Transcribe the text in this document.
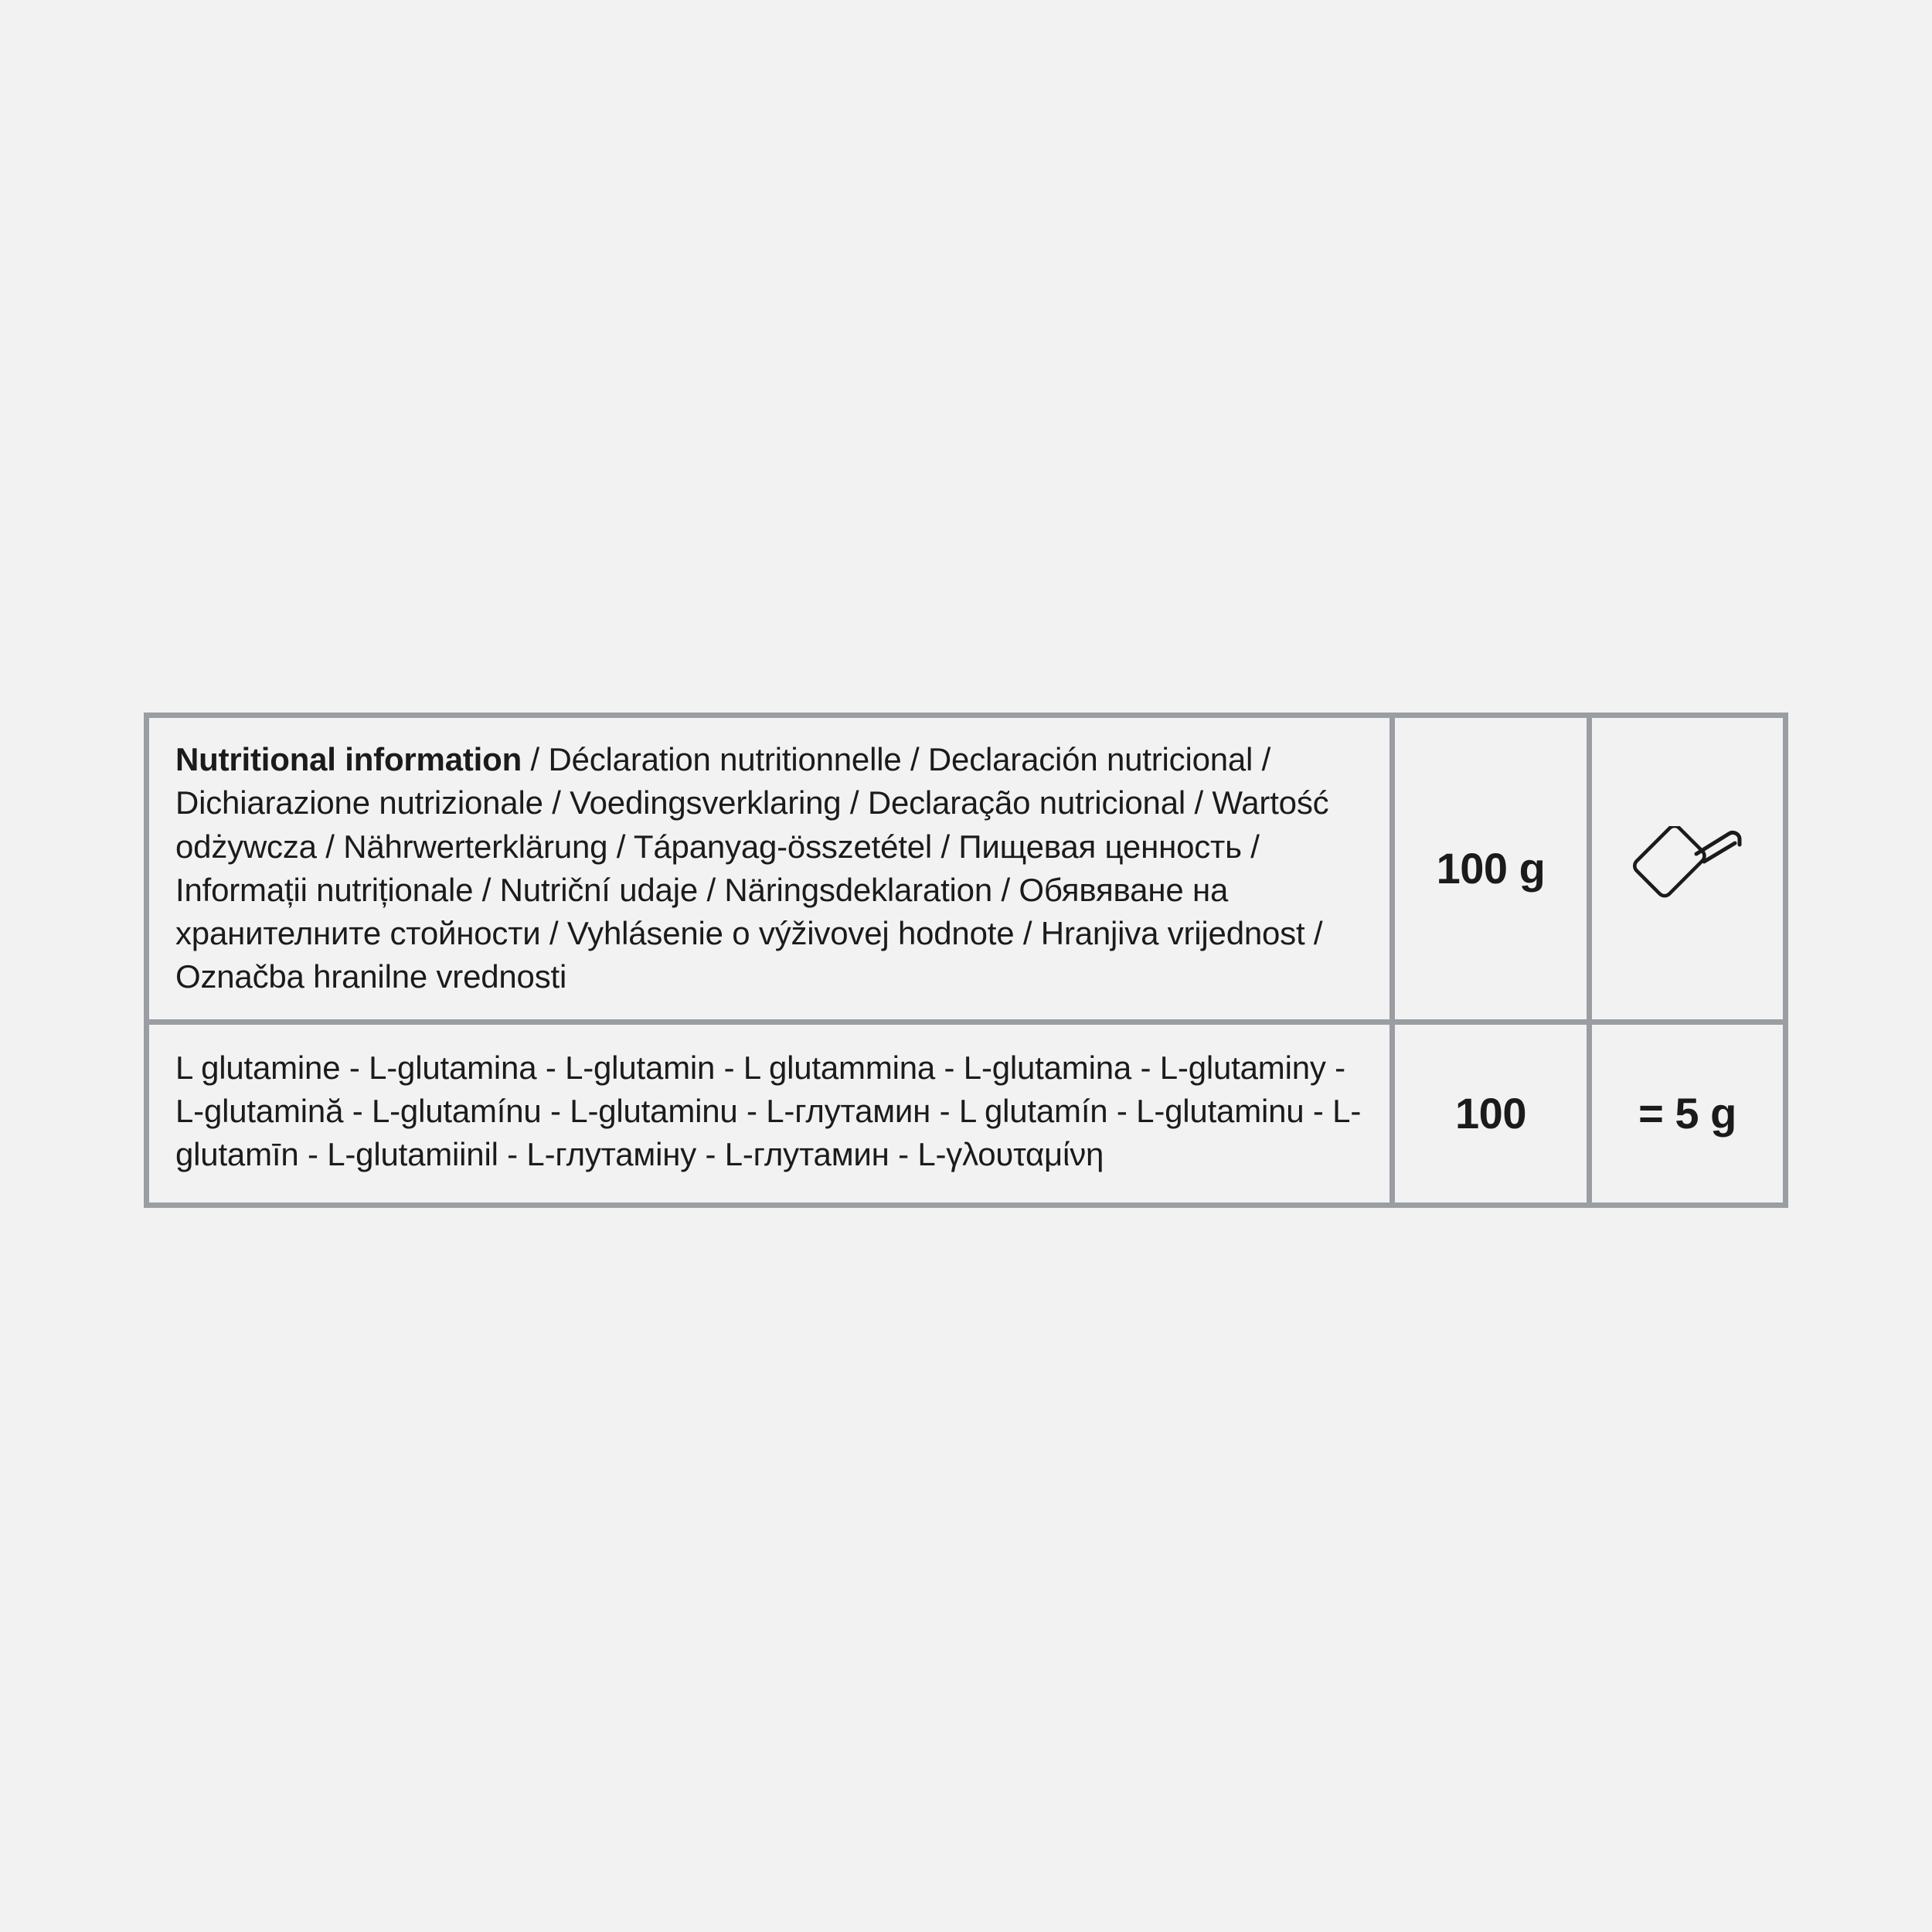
Nutritional information / Déclaration nutritionnelle / Declaración nutricional / Dichiarazione nutrizionale / Voedingsverklaring / Declaração nutricional / Wartość odżywcza / Nährwerterklärung / Tápanyag-összetétel / Пищевая ценность / Informații nutriționale / Nutriční udaje / Näringsdeklaration / Обявяване на хранителните стойности / Vyhlásenie o výživovej hodnote / Hranjiva vrijednost / Označba hranilne vrednosti
100 g
L glutamine - L-glutamina - L-glutamin - L glutammina - L-glutamina - L-glutaminy - L-glutamină - L-glutamínu - L-glutaminu - L-глутамин - L glutamín - L-glutaminu - L-glutamīn - L-glutamiinil - L-глутаміну - L-глутамин - L-γλουταμίνη
100	= 5 g
